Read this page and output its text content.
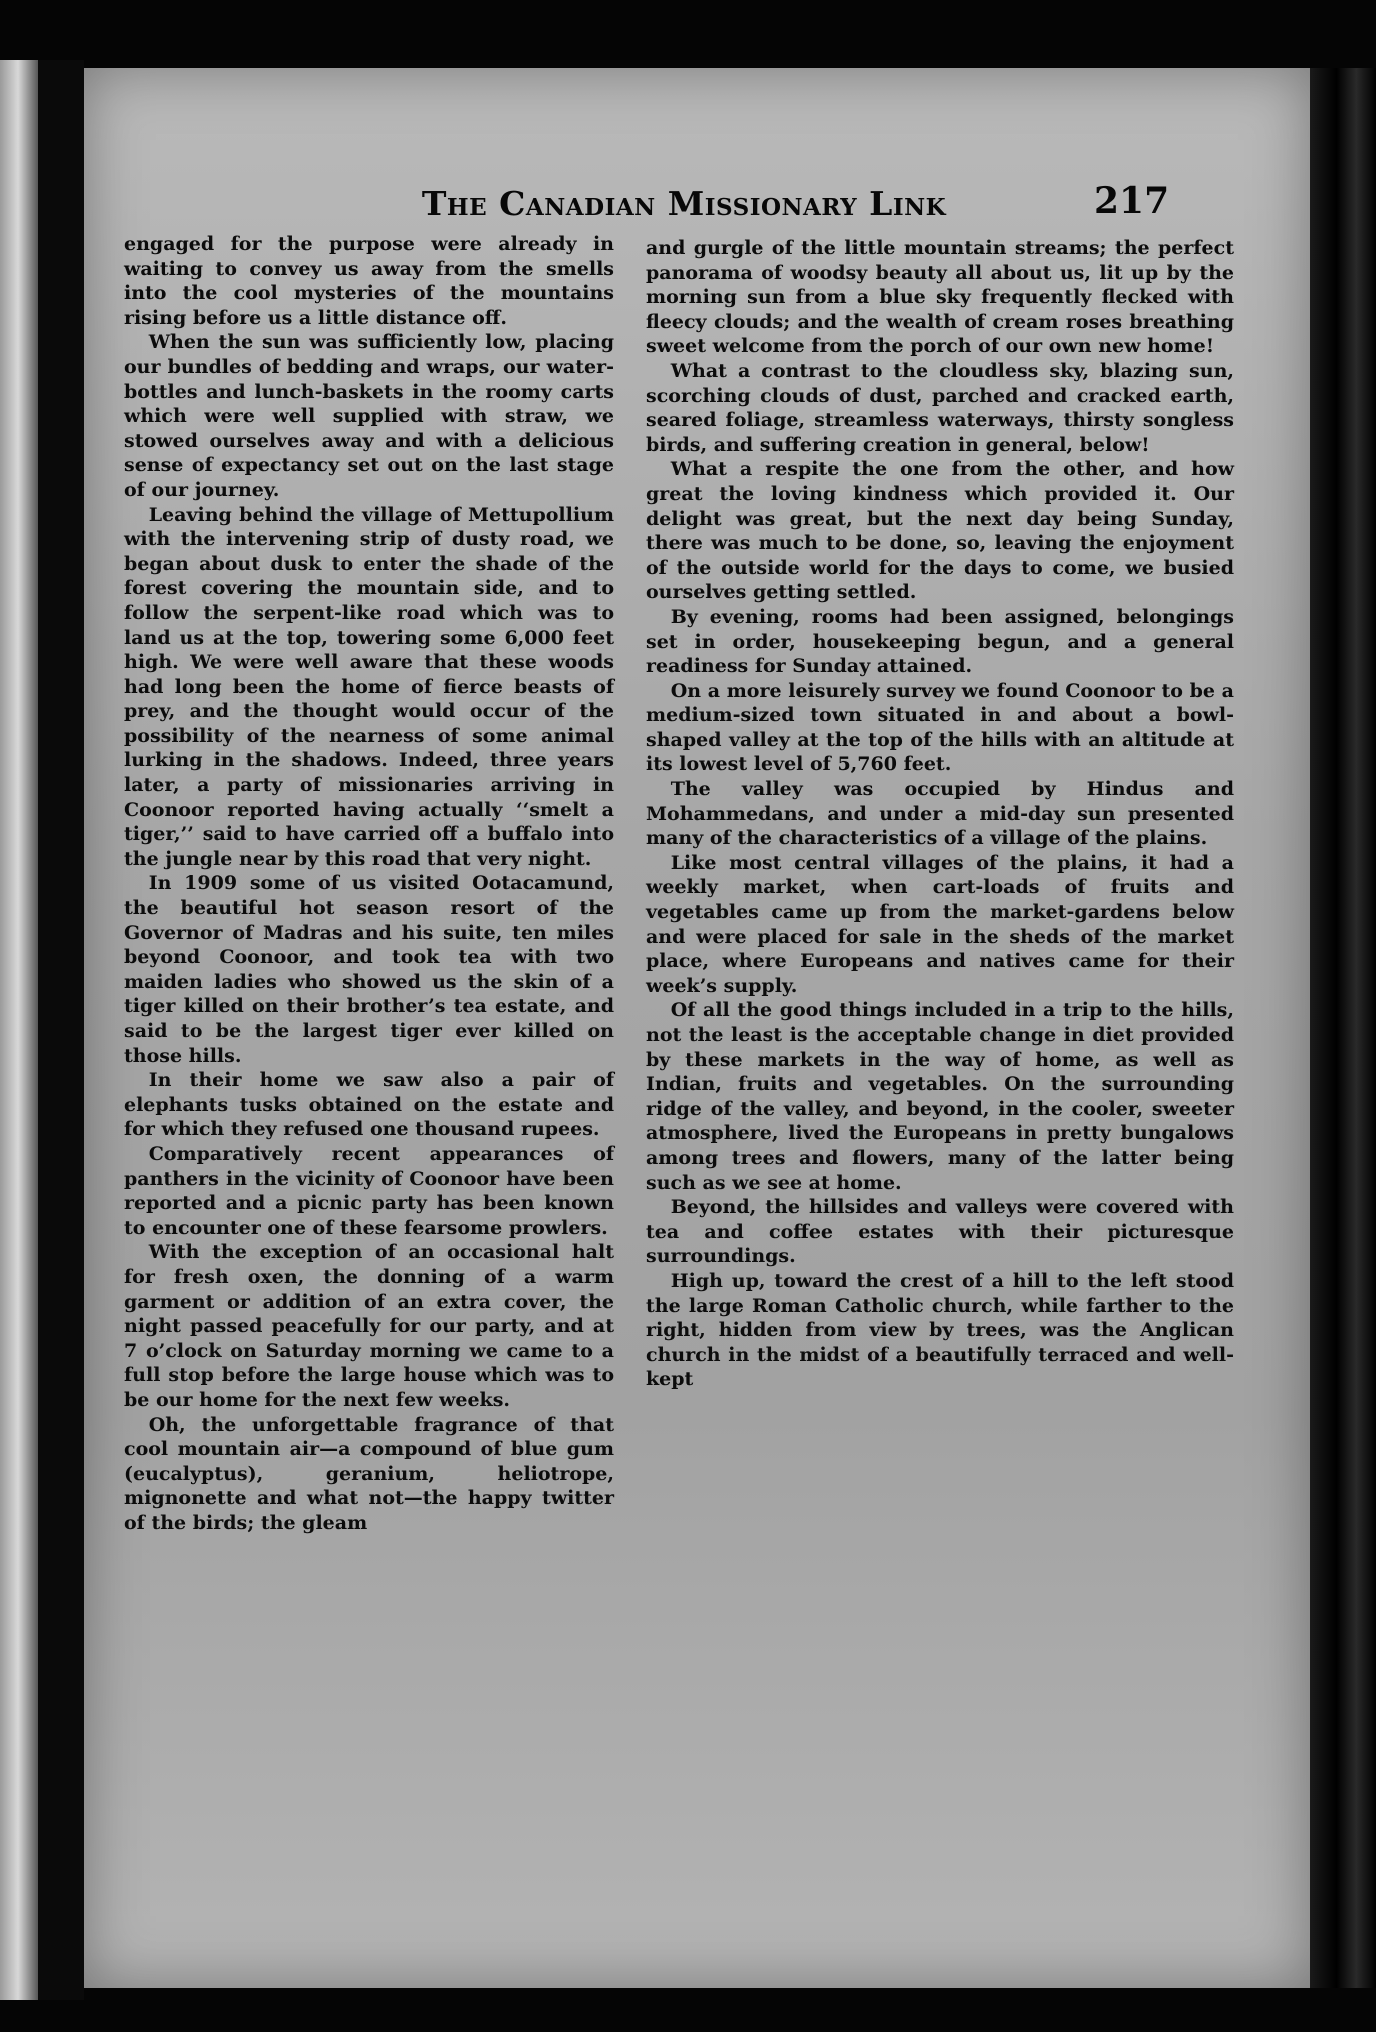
The Canadian Missionary Link	217

engaged for the purpose were already in waiting to convey us away from the smells into the cool mysteries of the mountains rising before us a little distance off.

When the sun was sufficiently low, placing our bundles of bedding and wraps, our water-bottles and lunch-baskets in the roomy carts which were well supplied with straw, we stowed ourselves away and with a delicious sense of expectancy set out on the last stage of our journey.

Leaving behind the village of Mettupollium with the intervening strip of dusty road, we began about dusk to enter the shade of the forest covering the mountain side, and to follow the serpent-like road which was to land us at the top, towering some 6,000 feet high. We were well aware that these woods had long been the home of fierce beasts of prey, and the thought would occur of the possibility of the nearness of some animal lurking in the shadows. Indeed, three years later, a party of missionaries arriving in Coonoor reported having actually ‘‘smelt a tiger,’’ said to have carried off a buffalo into the jungle near by this road that very night.

In 1909 some of us visited Ootacamund, the beautiful hot season resort of the Governor of Madras and his suite, ten miles beyond Coonoor, and took tea with two maiden ladies who showed us the skin of a tiger killed on their brother’s tea estate, and said to be the largest tiger ever killed on those hills.

In their home we saw also a pair of elephants tusks obtained on the estate and for which they refused one thousand rupees.

Comparatively recent appearances of panthers in the vicinity of Coonoor have been reported and a picnic party has been known to encounter one of these fearsome prowlers.

With the exception of an occasional halt for fresh oxen, the donning of a warm garment or addition of an extra cover, the night passed peacefully for our party, and at 7 o’clock on Saturday morning we came to a full stop before the large house which was to be our home for the next few weeks.

Oh, the unforgettable fragrance of that cool mountain air—a compound of blue gum (eucalyptus), geranium, heliotrope, mignonette and what not—the happy twitter of the birds; the gleam

and gurgle of the little mountain streams; the perfect panorama of woodsy beauty all about us, lit up by the morning sun from a blue sky frequently flecked with fleecy clouds; and the wealth of cream roses breathing sweet welcome from the porch of our own new home!

What a contrast to the cloudless sky, blazing sun, scorching clouds of dust, parched and cracked earth, seared foliage, streamless waterways, thirsty songless birds, and suffering creation in general, below!

What a respite the one from the other, and how great the loving kindness which provided it. Our delight was great, but the next day being Sunday, there was much to be done, so, leaving the enjoyment of the outside world for the days to come, we busied ourselves getting settled.

By evening, rooms had been assigned, belongings set in order, housekeeping begun, and a general readiness for Sunday attained.

On a more leisurely survey we found Coonoor to be a medium-sized town situated in and about a bowl-shaped valley at the top of the hills with an altitude at its lowest level of 5,760 feet.

The valley was occupied by Hindus and Mohammedans, and under a mid-day sun presented many of the characteristics of a village of the plains.

Like most central villages of the plains, it had a weekly market, when cart-loads of fruits and vegetables came up from the market-gardens below and were placed for sale in the sheds of the market place, where Europeans and natives came for their week’s supply.

Of all the good things included in a trip to the hills, not the least is the acceptable change in diet provided by these markets in the way of home, as well as Indian, fruits and vegetables. On the surrounding ridge of the valley, and beyond, in the cooler, sweeter atmosphere, lived the Europeans in pretty bungalows among trees and flowers, many of the latter being such as we see at home.

Beyond, the hillsides and valleys were covered with tea and coffee estates with their picturesque surroundings.

High up, toward the crest of a hill to the left stood the large Roman Catholic church, while farther to the right, hidden from view by trees, was the Anglican church in the midst of a beautifully terraced and well-kept
